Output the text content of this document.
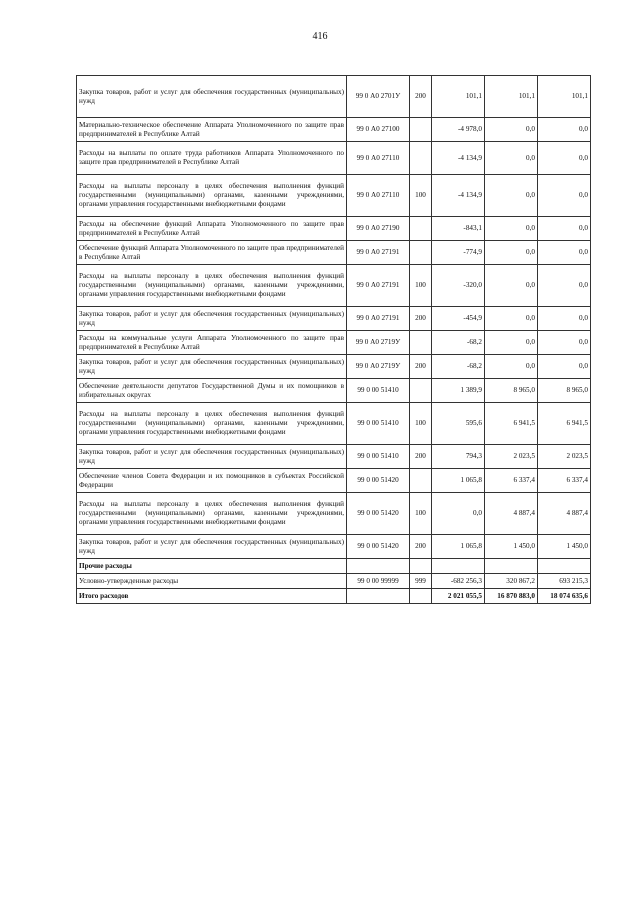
416
Закупка товаров, работ и услуг для обеспечения государственных (муниципальных) нужд	99 0 А0 2701У	200	101,1	101,1	101,1
Материально-техническое обеспечение Аппарата Уполномоченного по защите прав предпринимателей в Республике Алтай	99 0 А0 27100		-4 978,0	0,0	0,0
Расходы на выплаты по оплате труда работников Аппарата Уполномоченного по защите прав предпринимателей в Республике Алтай	99 0 А0 27110		-4 134,9	0,0	0,0
Расходы на выплаты персоналу в целях обеспечения выполнения функций государственными (муниципальными) органами, казенными учреждениями, органами управления государственными внебюджетными фондами	99 0 А0 27110	100	-4 134,9	0,0	0,0
Расходы на обеспечение функций Аппарата Уполномоченного по защите прав предпринимателей в Республике Алтай	99 0 А0 27190		-843,1	0,0	0,0
Обеспечение функций Аппарата Уполномоченного по защите прав предпринимателей в Республике Алтай	99 0 А0 27191		-774,9	0,0	0,0
Расходы на выплаты персоналу в целях обеспечения выполнения функций государственными (муниципальными) органами, казенными учреждениями, органами управления государственными внебюджетными фондами	99 0 А0 27191	100	-320,0	0,0	0,0
Закупка товаров, работ и услуг для обеспечения государственных (муниципальных) нужд	99 0 А0 27191	200	-454,9	0,0	0,0
Расходы на коммунальные услуги Аппарата Уполномоченного по защите прав предпринимателей в Республике Алтай	99 0 А0 2719У		-68,2	0,0	0,0
Закупка товаров, работ и услуг для обеспечения государственных (муниципальных) нужд	99 0 А0 2719У	200	-68,2	0,0	0,0
Обеспечение деятельности депутатов Государственной Думы и их помощников в избирательных округах	99 0 00 51410		1 389,9	8 965,0	8 965,0
Расходы на выплаты персоналу в целях обеспечения выполнения функций государственными (муниципальными) органами, казенными учреждениями, органами управления государственными внебюджетными фондами	99 0 00 51410	100	595,6	6 941,5	6 941,5
Закупка товаров, работ и услуг для обеспечения государственных (муниципальных) нужд	99 0 00 51410	200	794,3	2 023,5	2 023,5
Обеспечение членов Совета Федерации и их помощников в субъектах Российской Федерации	99 0 00 51420		1 065,8	6 337,4	6 337,4
Расходы на выплаты персоналу в целях обеспечения выполнения функций государственными (муниципальными) органами, казенными учреждениями, органами управления государственными внебюджетными фондами	99 0 00 51420	100	0,0	4 887,4	4 887,4
Закупка товаров, работ и услуг для обеспечения государственных (муниципальных) нужд	99 0 00 51420	200	1 065,8	1 450,0	1 450,0
Прочие расходы					
Условно-утвержденные расходы	99 0 00 99999	999	-682 256,3	320 867,2	693 215,3
Итого расходов			2 021 055,5	16 870 883,0	18 074 635,6
